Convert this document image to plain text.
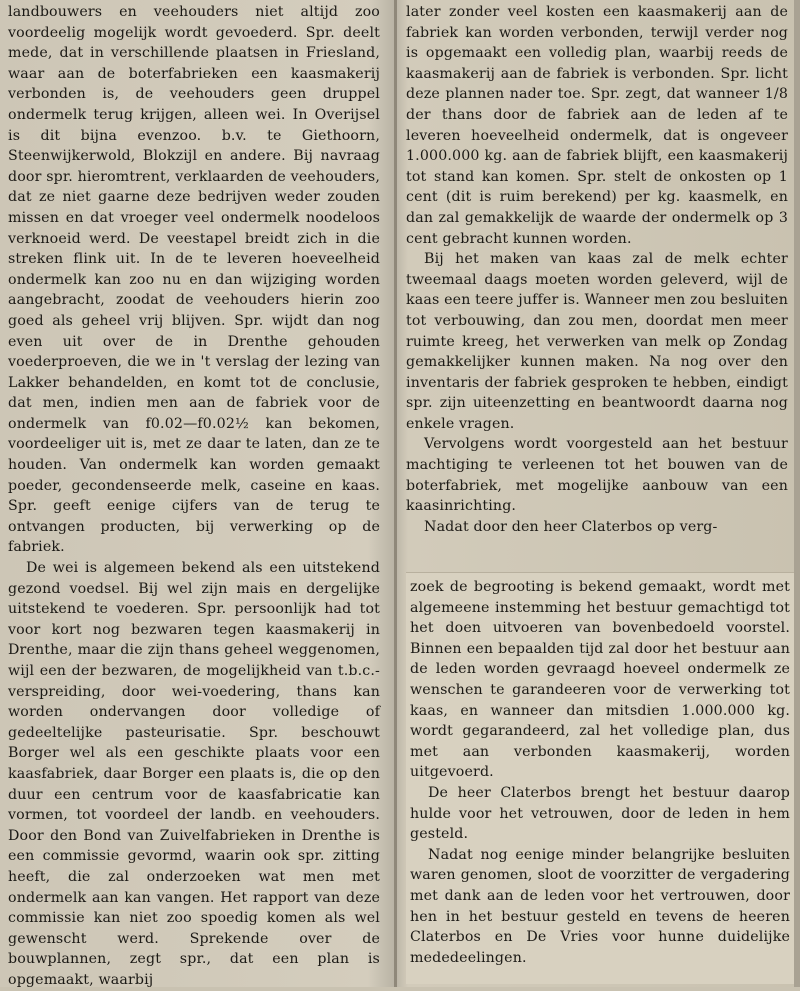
landbouwers en veehouders niet altijd zoo voordeelig mogelijk wordt gevoederd. Spr. deelt mede, dat in verschillende plaatsen in Friesland, waar aan de boterfabrieken een kaasmakerij verbonden is, de veehouders geen druppel ondermelk terug krijgen, alleen wei. In Overijsel is dit bijna evenzoo. b.v. te Giethoorn, Steenwijkerwold, Blokzijl en andere. Bij navraag door spr. hieromtrent, verklaarden de veehouders, dat ze niet gaarne deze bedrijven weder zouden missen en dat vroeger veel ondermelk noodeloos verknoeid werd. De veestapel breidt zich in die streken flink uit. In de te leveren hoeveelheid ondermelk kan zoo nu en dan wijziging worden aangebracht, zoodat de veehouders hierin zoo goed als geheel vrij blijven. Spr. wijdt dan nog even uit over de in Drenthe gehouden voederproeven, die we in 't verslag der lezing van Lakker behandelden, en komt tot de conclusie, dat men, indien men aan de fabriek voor de ondermelk van f0.02—f0.02½ kan bekomen, voordeeliger uit is, met ze daar te laten, dan ze te houden. Van ondermelk kan worden gemaakt poeder, gecondenseerde melk, caseine en kaas. Spr. geeft eenige cijfers van de terug te ontvangen producten, bij verwerking op de fabriek.

De wei is algemeen bekend als een uitstekend gezond voedsel. Bij wel zijn mais en dergelijke uitstekend te voederen. Spr. persoonlijk had tot voor kort nog bezwaren tegen kaasmakerij in Drenthe, maar die zijn thans geheel weggenomen, wijl een der bezwaren, de mogelijkheid van t.b.c.-verspreiding, door wei-voedering, thans kan worden ondervangen door volledige of gedeeltelijke pasteurisatie. Spr. beschouwt Borger wel als een geschikte plaats voor een kaasfabriek, daar Borger een plaats is, die op den duur een centrum voor de kaasfabricatie kan vormen, tot voordeel der landb. en veehouders. Door den Bond van Zuivelfabrieken in Drenthe is een commissie gevormd, waarin ook spr. zitting heeft, die zal onderzoeken wat men met ondermelk aan kan vangen. Het rapport van deze commissie kan niet zoo spoedig komen als wel gewenscht werd. Sprekende over de bouwplannen, zegt spr., dat een plan is opgemaakt, waarbij

later zonder veel kosten een kaasmakerij aan de fabriek kan worden verbonden, terwijl verder nog is opgemaakt een volledig plan, waarbij reeds de kaasmakerij aan de fabriek is verbonden. Spr. licht deze plannen nader toe. Spr. zegt, dat wanneer 1/8 der thans door de fabriek aan de leden af te leveren hoeveelheid ondermelk, dat is ongeveer 1.000.000 kg. aan de fabriek blijft, een kaasmakerij tot stand kan komen. Spr. stelt de onkosten op 1 cent (dit is ruim berekend) per kg. kaasmelk, en dan zal gemakkelijk de waarde der ondermelk op 3 cent gebracht kunnen worden.

Bij het maken van kaas zal de melk echter tweemaal daags moeten worden geleverd, wijl de kaas een teere juffer is. Wanneer men zou besluiten tot verbouwing, dan zou men, doordat men meer ruimte kreeg, het verwerken van melk op Zondag gemakkelijker kunnen maken. Na nog over den inventaris der fabriek gesproken te hebben, eindigt spr. zijn uiteenzetting en beantwoordt daarna nog enkele vragen.

Vervolgens wordt voorgesteld aan het bestuur machtiging te verleenen tot het bouwen van de boterfabriek, met mogelijke aanbouw van een kaasinrichting.

Nadat door den heer Claterbos op verg-

zoek de begrooting is bekend gemaakt, wordt met algemeene instemming het bestuur gemachtigd tot het doen uitvoeren van bovenbedoeld voorstel. Binnen een bepaalden tijd zal door het bestuur aan de leden worden gevraagd hoeveel ondermelk ze wenschen te garandeeren voor de verwerking tot kaas, en wanneer dan mitsdien 1.000.000 kg. wordt gegarandeerd, zal het volledige plan, dus met aan verbonden kaasmakerij, worden uitgevoerd.

De heer Claterbos brengt het bestuur daarop hulde voor het vetrouwen, door de leden in hem gesteld.

Nadat nog eenige minder belangrijke besluiten waren genomen, sloot de voorzitter de vergadering met dank aan de leden voor het vertrouwen, door hen in het bestuur gesteld en tevens de heeren Claterbos en De Vries voor hunne duidelijke mededeelingen.
